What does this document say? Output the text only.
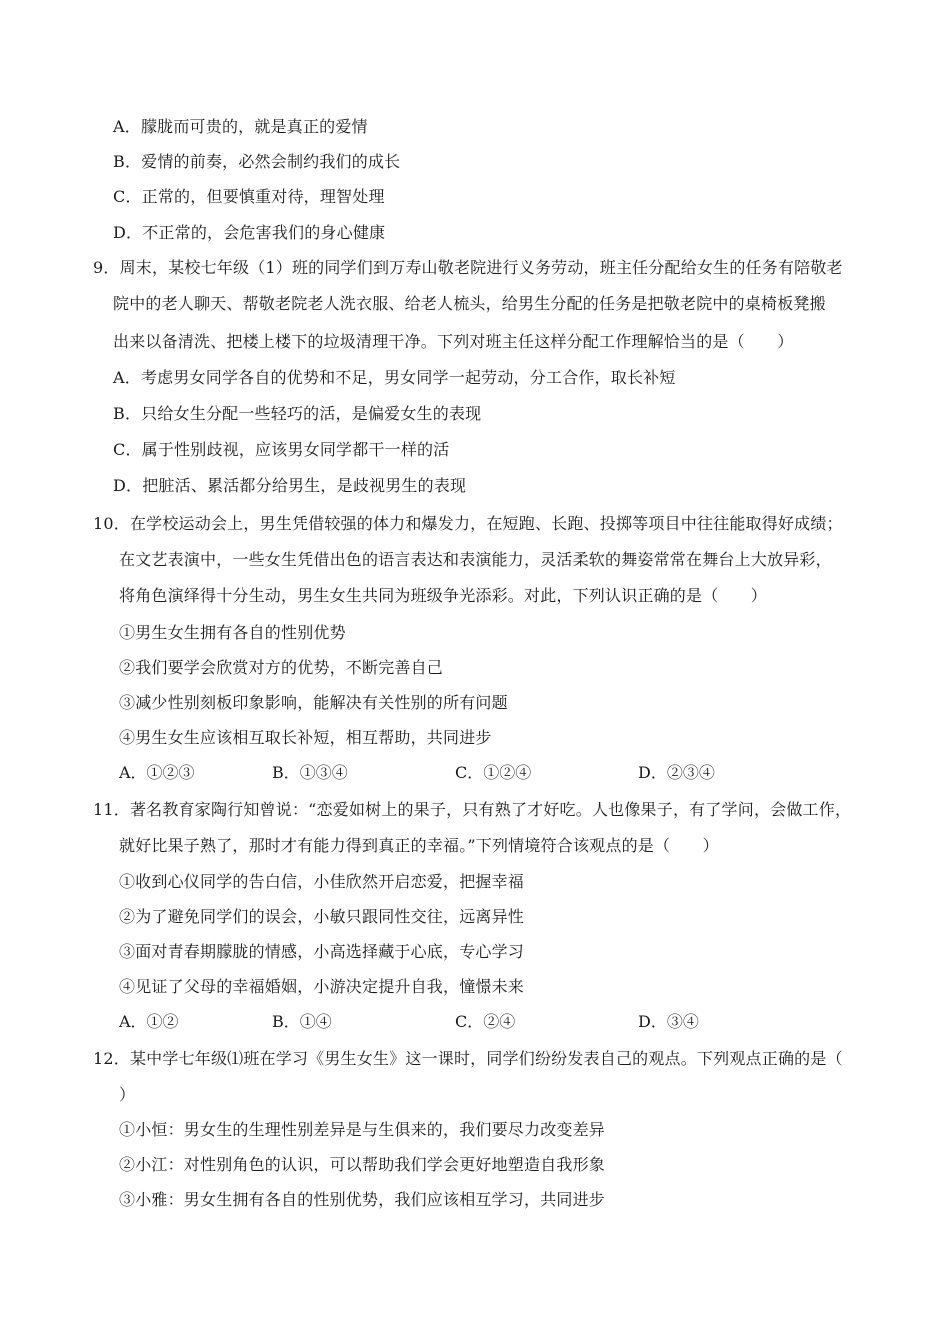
A．朦胧而可贵的，就是真正的爱情
B．爱情的前奏，必然会制约我们的成长
C．正常的，但要慎重对待，理智处理
D．不正常的，会危害我们的身心健康
9．周末，某校七年级（1）班的同学们到万寿山敬老院进行义务劳动，班主任分配给女生的任务有陪敬老
院中的老人聊天、帮敬老院老人洗衣服、给老人梳头，给男生分配的任务是把敬老院中的桌椅板凳搬
出来以备清洗、把楼上楼下的垃圾清理干净。下列对班主任这样分配工作理解恰当的是（　　）
A．考虑男女同学各自的优势和不足，男女同学一起劳动，分工合作，取长补短
B．只给女生分配一些轻巧的活，是偏爱女生的表现
C．属于性别歧视，应该男女同学都干一样的活
D．把脏活、累活都分给男生，是歧视男生的表现
10．在学校运动会上，男生凭借较强的体力和爆发力，在短跑、长跑、投掷等项目中往往能取得好成绩；
在文艺表演中，一些女生凭借出色的语言表达和表演能力，灵活柔软的舞姿常常在舞台上大放异彩，
将角色演绎得十分生动，男生女生共同为班级争光添彩。对此，下列认识正确的是（　　）
①男生女生拥有各自的性别优势
②我们要学会欣赏对方的优势，不断完善自己
③减少性别刻板印象影响，能解决有关性别的所有问题
④男生女生应该相互取长补短，相互帮助，共同进步
A．①②③	B．①③④	C．①②④	D．②③④
11．著名教育家陶行知曾说：“恋爱如树上的果子，只有熟了才好吃。人也像果子，有了学问，会做工作，
就好比果子熟了，那时才有能力得到真正的幸福。”下列情境符合该观点的是（　　）
①收到心仪同学的告白信，小佳欣然开启恋爱，把握幸福
②为了避免同学们的误会，小敏只跟同性交往，远离异性
③面对青春期朦胧的情感，小高选择藏于心底，专心学习
④见证了父母的幸福婚姻，小游决定提升自我，憧憬未来
A．①②	B．①④	C．②④	D．③④
12．某中学七年级⑴班在学习《男生女生》这一课时，同学们纷纷发表自己的观点。下列观点正确的是（
）
①小恒：男女生的生理性别差异是与生俱来的，我们要尽力改变差异
②小江：对性别角色的认识，可以帮助我们学会更好地塑造自我形象
③小雅：男女生拥有各自的性别优势，我们应该相互学习，共同进步
